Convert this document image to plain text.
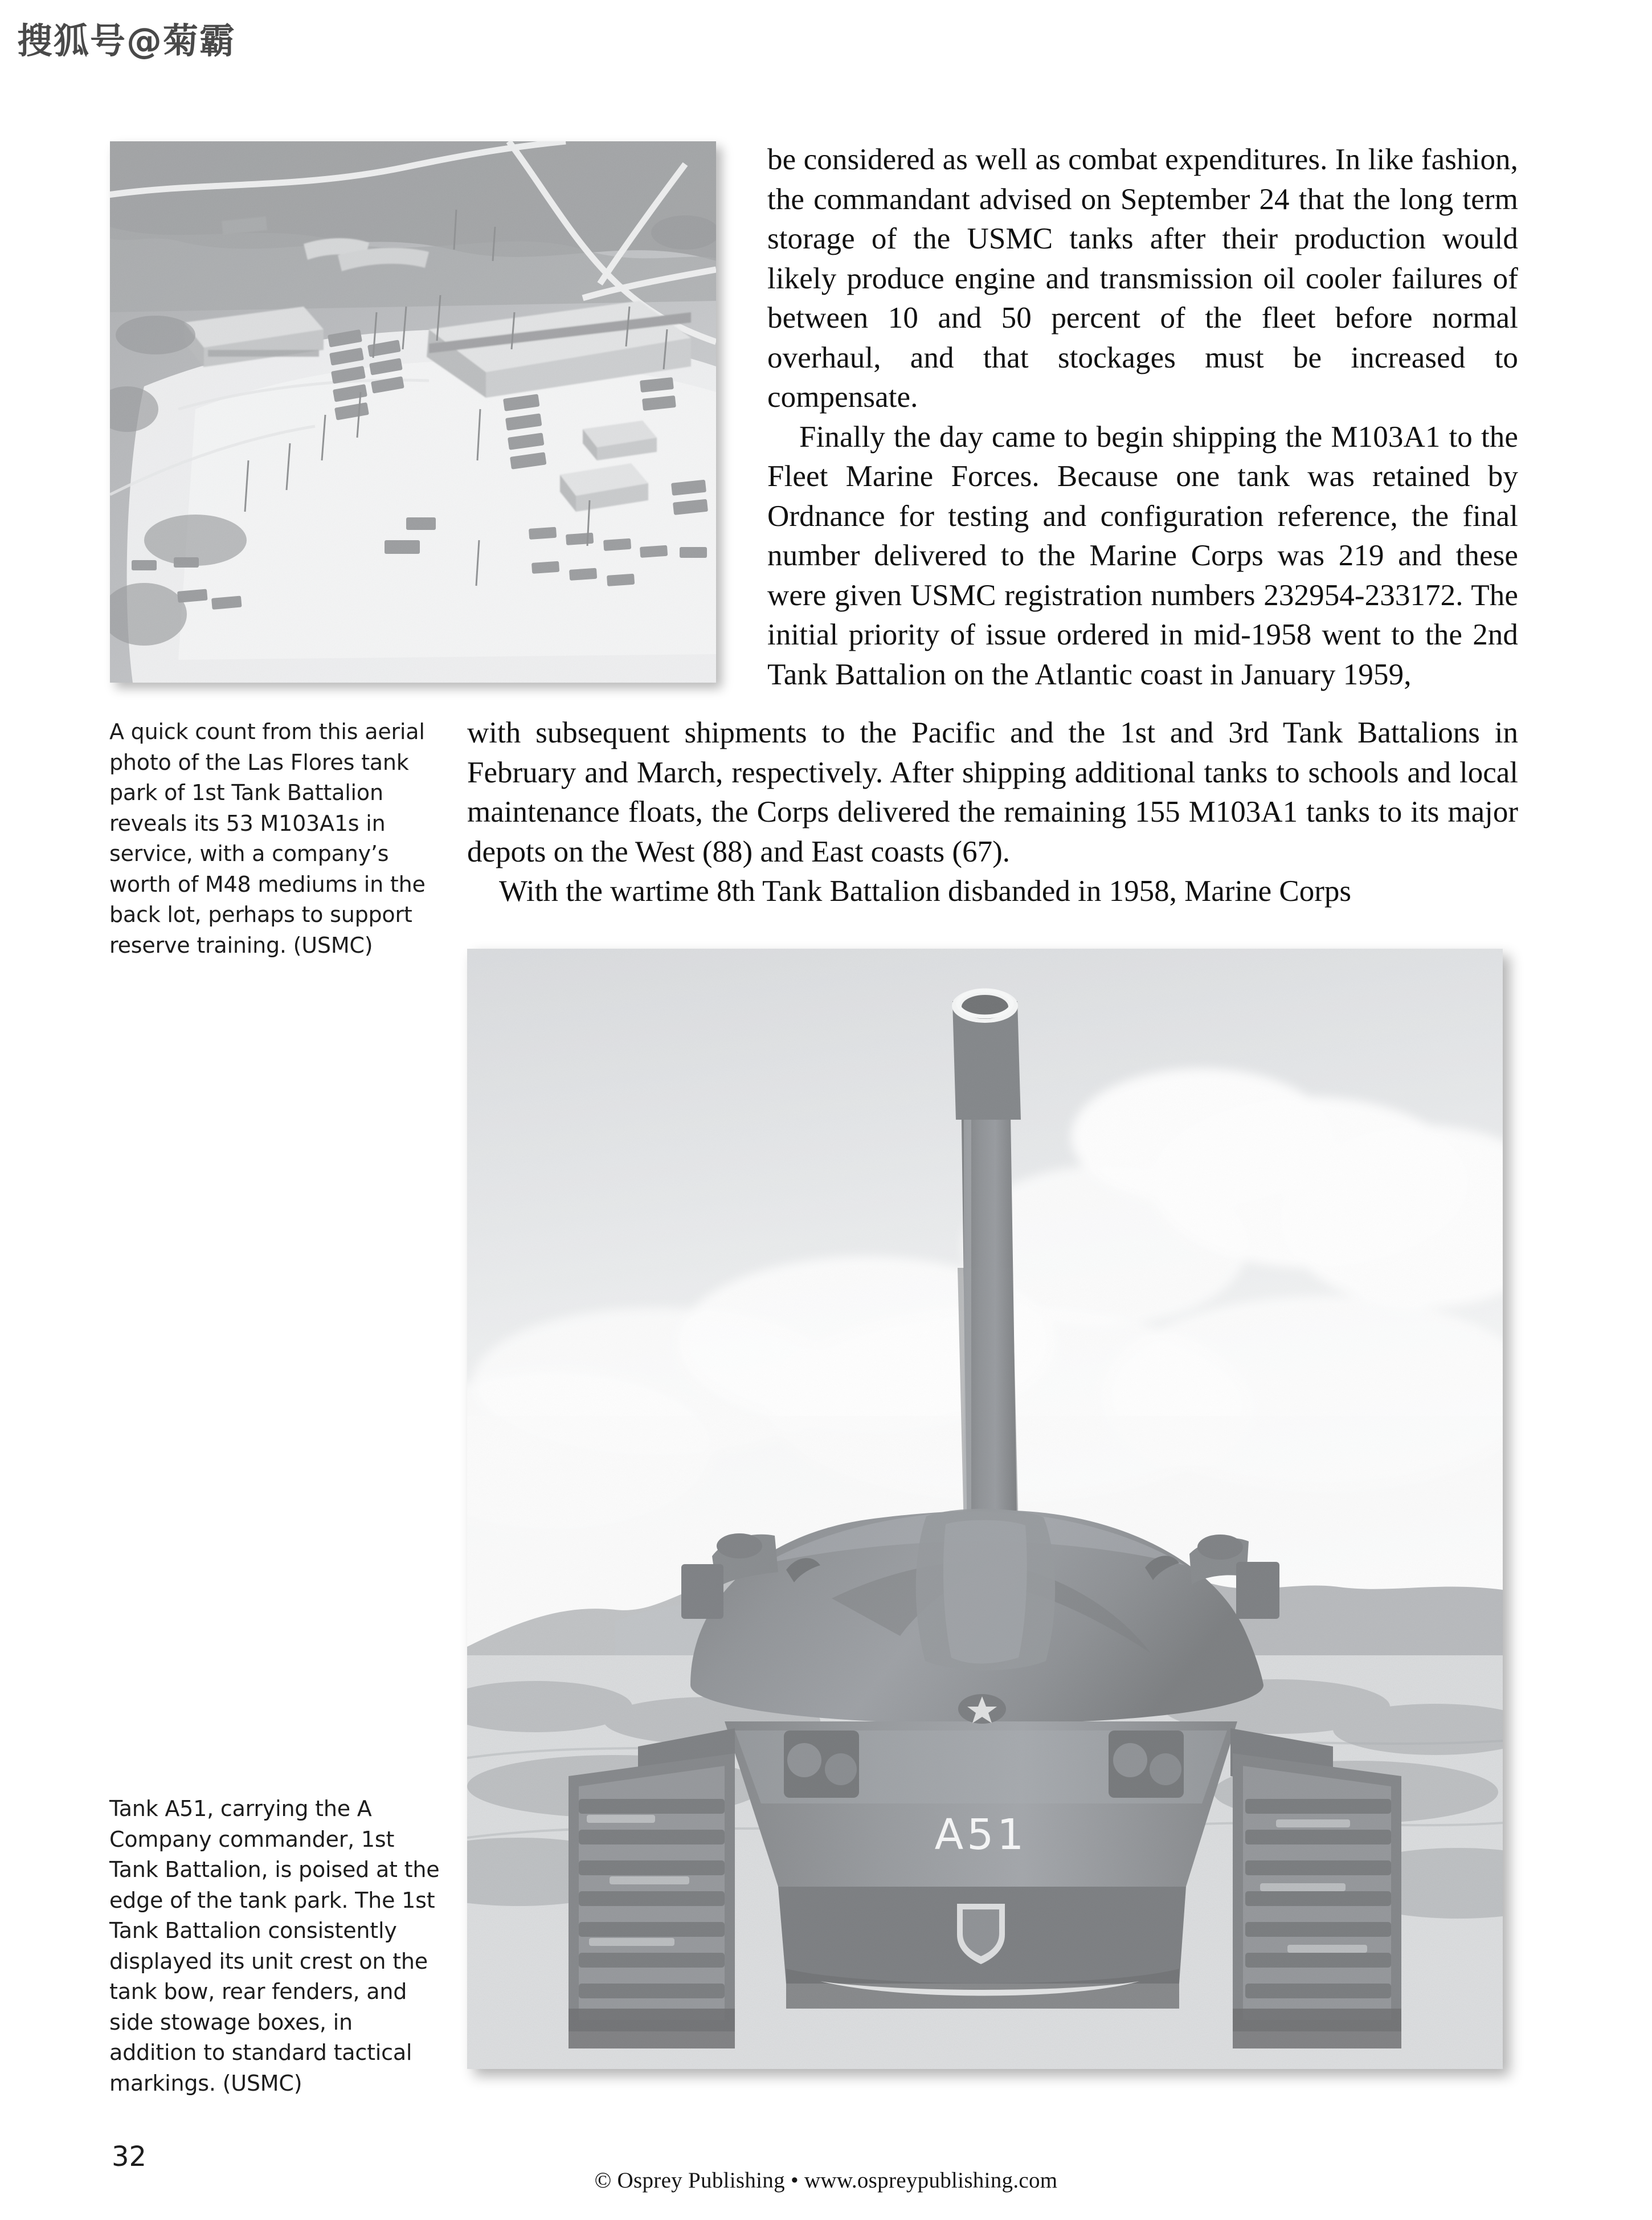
搜狐号@菊霸

be considered as well as combat expenditures. In like fashion, the commandant advised on September 24 that the long term storage of the USMC tanks after their production would likely produce engine and transmission oil cooler failures of between 10 and 50 percent of the fleet before normal overhaul, and that stockages must be increased to compensate.

Finally the day came to begin shipping the M103A1 to the Fleet Marine Forces. Because one tank was retained by Ordnance for testing and configuration reference, the final number delivered to the Marine Corps was 219 and these were given USMC registration numbers 232954-233172. The initial priority of issue ordered in mid-1958 went to the 2nd Tank Battalion on the Atlantic coast in January 1959,

with subsequent shipments to the Pacific and the 1st and 3rd Tank Battalions in February and March, respectively. After shipping additional tanks to schools and local maintenance floats, the Corps delivered the remaining 155 M103A1 tanks to its major depots on the West (88) and East coasts (67).

With the wartime 8th Tank Battalion disbanded in 1958, Marine Corps

A quick count from this aerial photo of the Las Flores tank park of 1st Tank Battalion reveals its 53 M103A1s in service, with a company’s worth of M48 mediums in the back lot, perhaps to support reserve training. (USMC)
A51
Tank A51, carrying the A Company commander, 1st Tank Battalion, is poised at the edge of the tank park. The 1st Tank Battalion consistently displayed its unit crest on the tank bow, rear fenders, and side stowage boxes, in addition to standard tactical markings. (USMC)
32
© Osprey Publishing • www.ospreypublishing.com
